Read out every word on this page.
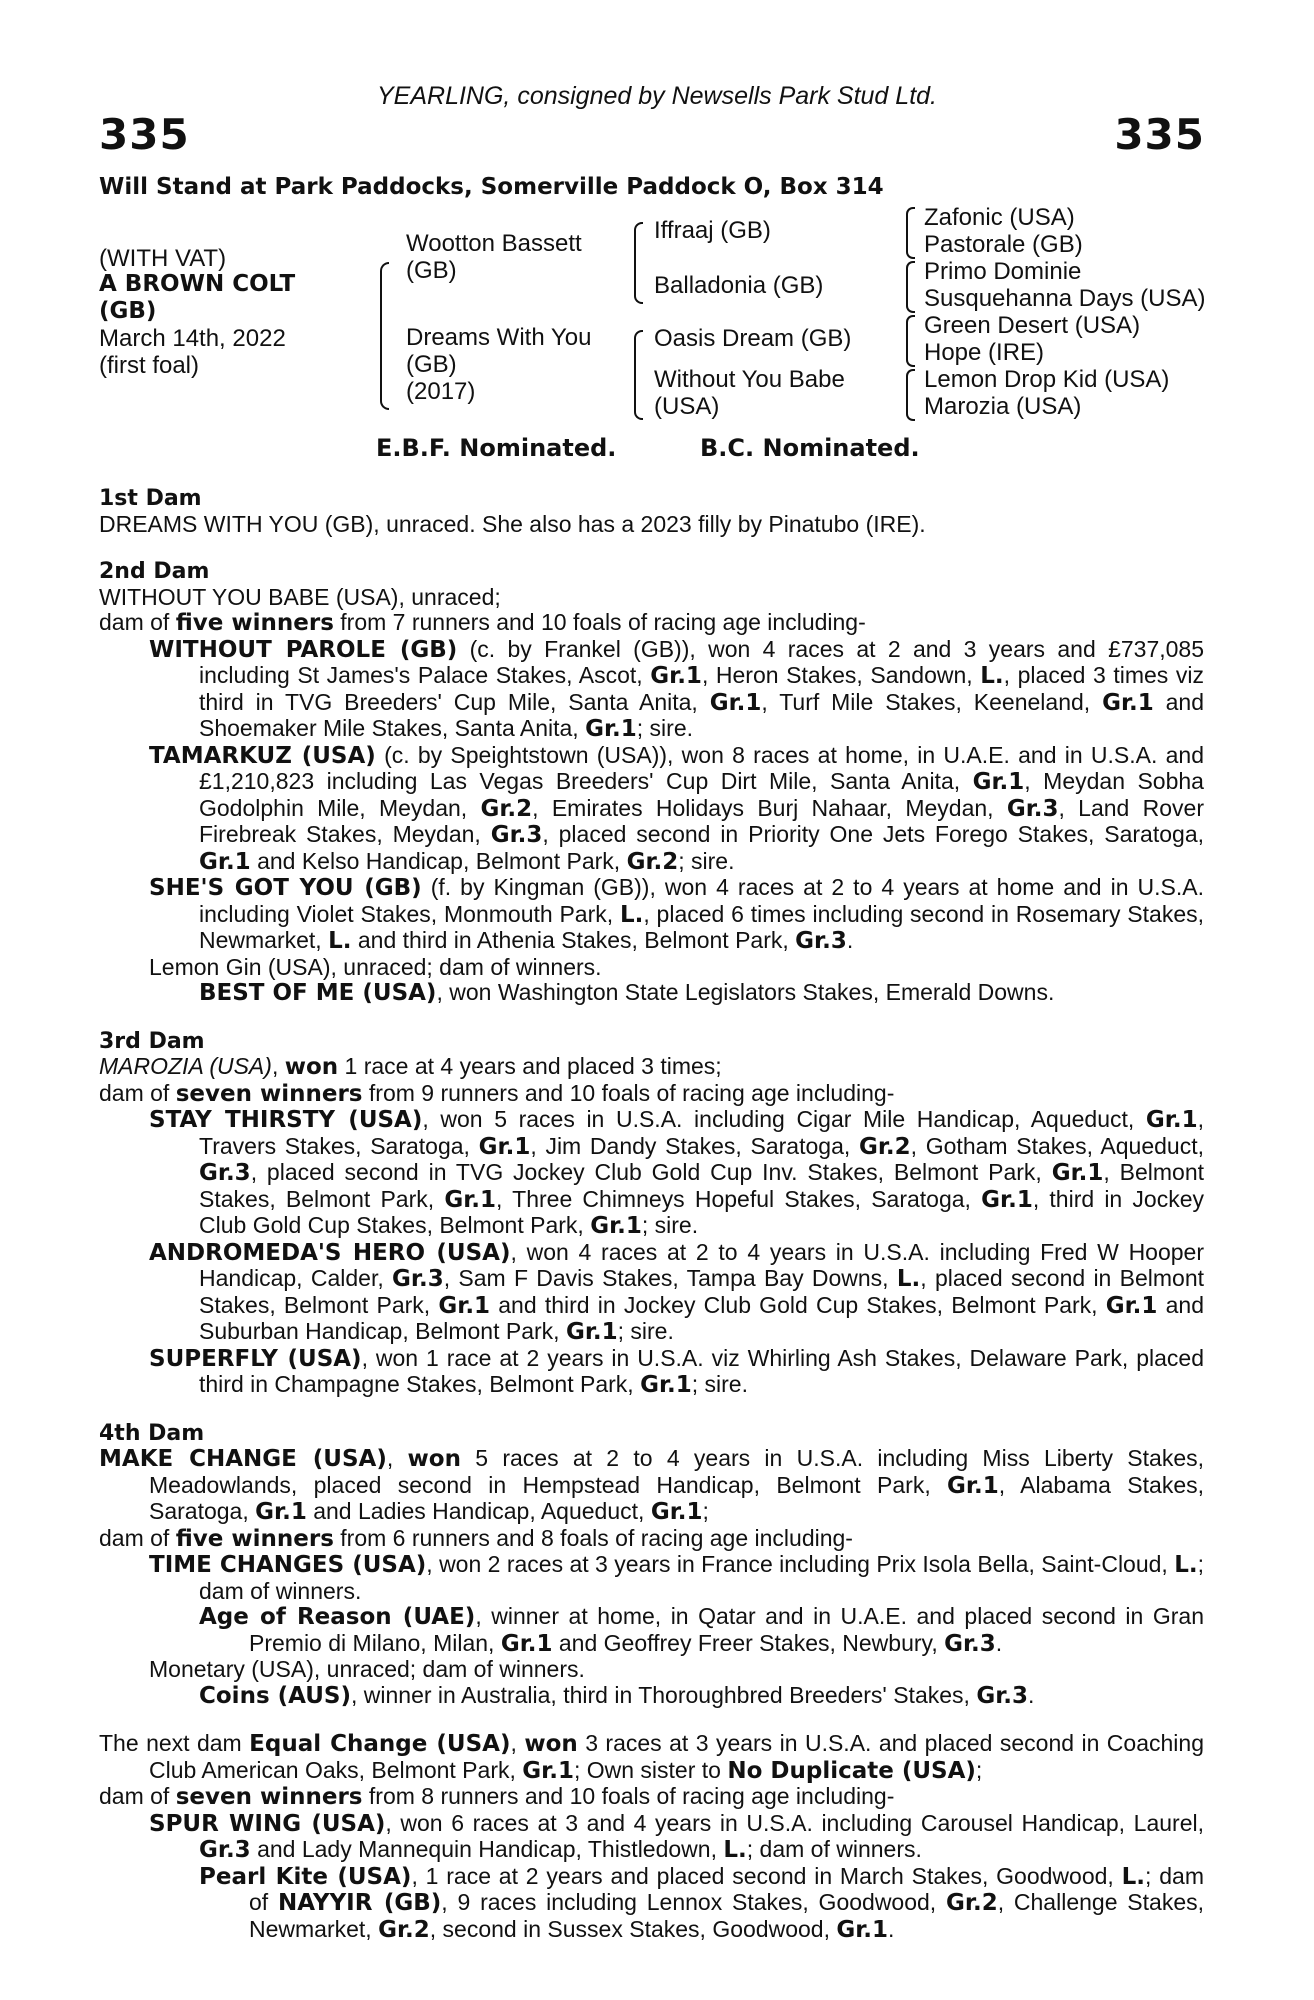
YEARLING, consigned by Newsells Park Stud Ltd.
335	335
Will Stand at Park Paddocks, Somerville Paddock O, Box 314
(WITH VAT)
A BROWN COLT
(GB)
March 14th, 2022
(first foal)
Wootton Bassett
(GB)
Dreams With You
(GB)
(2017)
Iffraaj (GB)
Balladonia (GB)
Oasis Dream (GB)
Without You Babe
(USA)
Zafonic (USA)
Pastorale (GB)
Primo Dominie
Susquehanna Days (USA)
Green Desert (USA)
Hope (IRE)
Lemon Drop Kid (USA)
Marozia (USA)
E.B.F. Nominated.	B.C. Nominated.
1st Dam
DREAMS WITH YOU (GB), unraced. She also has a 2023 filly by Pinatubo (IRE).
2nd Dam
WITHOUT YOU BABE (USA), unraced;
dam of five winners from 7 runners and 10 foals of racing age including-
WITHOUT PAROLE (GB) (c. by Frankel (GB)), won 4 races at 2 and 3 years and £737,085 including St James's Palace Stakes, Ascot, Gr.1, Heron Stakes, Sandown, L., placed 3 times viz third in TVG Breeders' Cup Mile, Santa Anita, Gr.1, Turf Mile Stakes, Keeneland, Gr.1 and Shoemaker Mile Stakes, Santa Anita, Gr.1; sire.
TAMARKUZ (USA) (c. by Speightstown (USA)), won 8 races at home, in U.A.E. and in U.S.A. and £1,210,823 including Las Vegas Breeders' Cup Dirt Mile, Santa Anita, Gr.1, Meydan Sobha Godolphin Mile, Meydan, Gr.2, Emirates Holidays Burj Nahaar, Meydan, Gr.3, Land Rover Firebreak Stakes, Meydan, Gr.3, placed second in Priority One Jets Forego Stakes, Saratoga, Gr.1 and Kelso Handicap, Belmont Park, Gr.2; sire.
SHE'S GOT YOU (GB) (f. by Kingman (GB)), won 4 races at 2 to 4 years at home and in U.S.A. including Violet Stakes, Monmouth Park, L., placed 6 times including second in Rosemary Stakes, Newmarket, L. and third in Athenia Stakes, Belmont Park, Gr.3.
Lemon Gin (USA), unraced; dam of winners.
BEST OF ME (USA), won Washington State Legislators Stakes, Emerald Downs.
3rd Dam
MAROZIA (USA), won 1 race at 4 years and placed 3 times;
dam of seven winners from 9 runners and 10 foals of racing age including-
STAY THIRSTY (USA), won 5 races in U.S.A. including Cigar Mile Handicap, Aqueduct, Gr.1, Travers Stakes, Saratoga, Gr.1, Jim Dandy Stakes, Saratoga, Gr.2, Gotham Stakes, Aqueduct, Gr.3, placed second in TVG Jockey Club Gold Cup Inv. Stakes, Belmont Park, Gr.1, Belmont Stakes, Belmont Park, Gr.1, Three Chimneys Hopeful Stakes, Saratoga, Gr.1, third in Jockey Club Gold Cup Stakes, Belmont Park, Gr.1; sire.
ANDROMEDA'S HERO (USA), won 4 races at 2 to 4 years in U.S.A. including Fred W Hooper Handicap, Calder, Gr.3, Sam F Davis Stakes, Tampa Bay Downs, L., placed second in Belmont Stakes, Belmont Park, Gr.1 and third in Jockey Club Gold Cup Stakes, Belmont Park, Gr.1 and Suburban Handicap, Belmont Park, Gr.1; sire.
SUPERFLY (USA), won 1 race at 2 years in U.S.A. viz Whirling Ash Stakes, Delaware Park, placed third in Champagne Stakes, Belmont Park, Gr.1; sire.
4th Dam
MAKE CHANGE (USA), won 5 races at 2 to 4 years in U.S.A. including Miss Liberty Stakes, Meadowlands, placed second in Hempstead Handicap, Belmont Park, Gr.1, Alabama Stakes, Saratoga, Gr.1 and Ladies Handicap, Aqueduct, Gr.1;
dam of five winners from 6 runners and 8 foals of racing age including-
TIME CHANGES (USA), won 2 races at 3 years in France including Prix Isola Bella, Saint-Cloud, L.; dam of winners.
Age of Reason (UAE), winner at home, in Qatar and in U.A.E. and placed second in Gran Premio di Milano, Milan, Gr.1 and Geoffrey Freer Stakes, Newbury, Gr.3.
Monetary (USA), unraced; dam of winners.
Coins (AUS), winner in Australia, third in Thoroughbred Breeders' Stakes, Gr.3.
The next dam Equal Change (USA), won 3 races at 3 years in U.S.A. and placed second in Coaching Club American Oaks, Belmont Park, Gr.1; Own sister to No Duplicate (USA);
dam of seven winners from 8 runners and 10 foals of racing age including-
SPUR WING (USA), won 6 races at 3 and 4 years in U.S.A. including Carousel Handicap, Laurel, Gr.3 and Lady Mannequin Handicap, Thistledown, L.; dam of winners.
Pearl Kite (USA), 1 race at 2 years and placed second in March Stakes, Goodwood, L.; dam of NAYYIR (GB), 9 races including Lennox Stakes, Goodwood, Gr.2, Challenge Stakes, Newmarket, Gr.2, second in Sussex Stakes, Goodwood, Gr.1.
